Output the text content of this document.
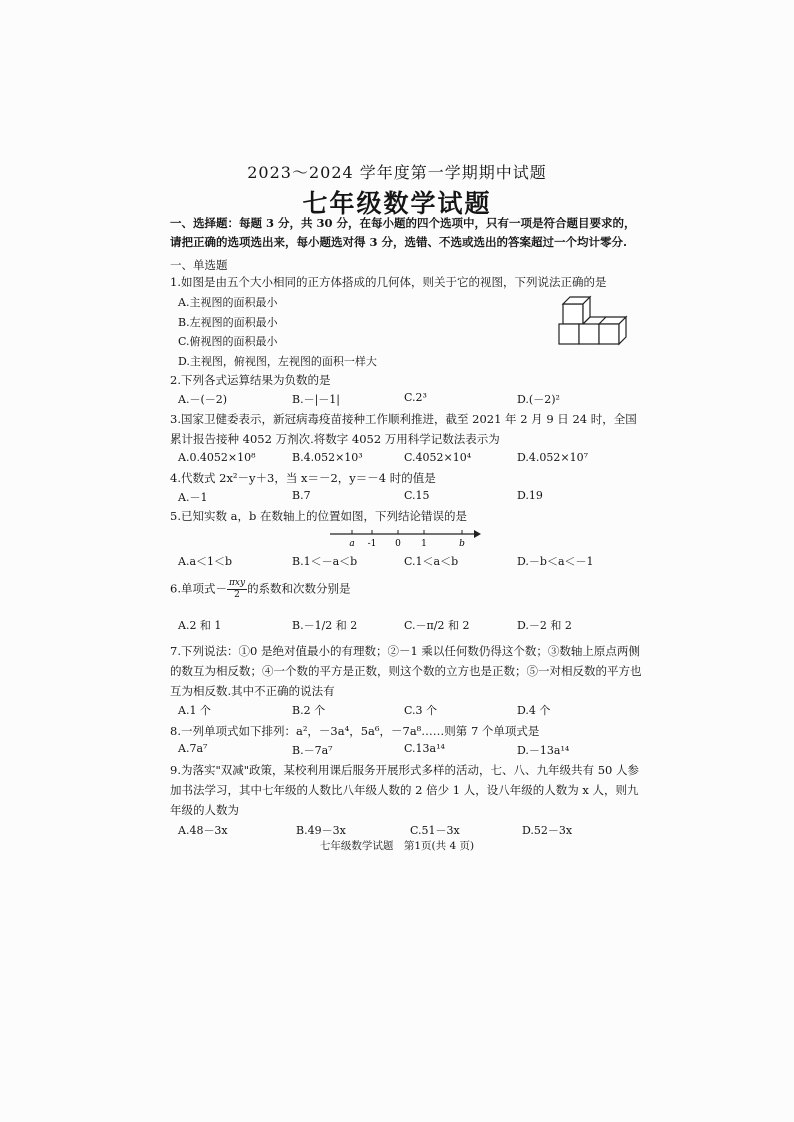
2023～2024 学年度第一学期期中试题
七年级数学试题
一、选择题：每题 3 分，共 30 分，在每小题的四个选项中，只有一项是符合题目要求的，请把正确的选项选出来，每小题选对得 3 分，选错、不选或选出的答案超过一个均计零分.
一、单选题
1.如图是由五个大小相同的正方体搭成的几何体，则关于它的视图，下列说法正确的是
A.主视图的面积最小
B.左视图的面积最小
C.俯视图的面积最小
D.主视图，俯视图，左视图的面积一样大
2.下列各式运算结果为负数的是
A.－(－2)	B.－|－1|	C.2³	D.(－2)²
3.国家卫健委表示，新冠病毒疫苗接种工作顺利推进，截至 2021 年 2 月 9 日 24 时，全国累计报告接种 4052 万剂次.将数字 4052 万用科学记数法表示为
A.0.4052×10⁸	B.4.052×10³	C.4052×10⁴	D.4.052×10⁷
4.代数式 2x²－y＋3，当 x＝－2，y＝－4 时的值是
A.－1	B.7	C.15	D.19
5.已知实数 a，b 在数轴上的位置如图，下列结论错误的是
a -1 0 1	b
A.a＜1＜b	B.1＜－a＜b	C.1＜a＜b	D.－b＜a＜－1
6.单项式－ $\frac{\text{πxy}}{2}$ 的系数和次数分别是
A.2 和 1	B.－1/2 和 2	C.－π/2 和 2	D.－2 和 2
7.下列说法：①0 是绝对值最小的有理数；②－1 乘以任何数仍得这个数；③数轴上原点两侧的数互为相反数；④一个数的平方是正数，则这个数的立方也是正数；⑤一对相反数的平方也互为相反数.其中不正确的说法有
A.1 个	B.2 个	C.3 个	D.4 个
8.一列单项式如下排列：a²，－3a⁴，5a⁶，－7a⁸……则第 7 个单项式是
A.7a⁷	B.－7a⁷	C.13a¹⁴	D.－13a¹⁴
9.为落实"双减"政策，某校利用课后服务开展形式多样的活动，七、八、九年级共有 50 人参加书法学习，其中七年级的人数比八年级人数的 2 倍少 1 人，设八年级的人数为 x 人，则九年级的人数为
A.48－3x	B.49－3x	C.51－3x	D.52－3x
七年级数学试题　第1页(共 4 页)
